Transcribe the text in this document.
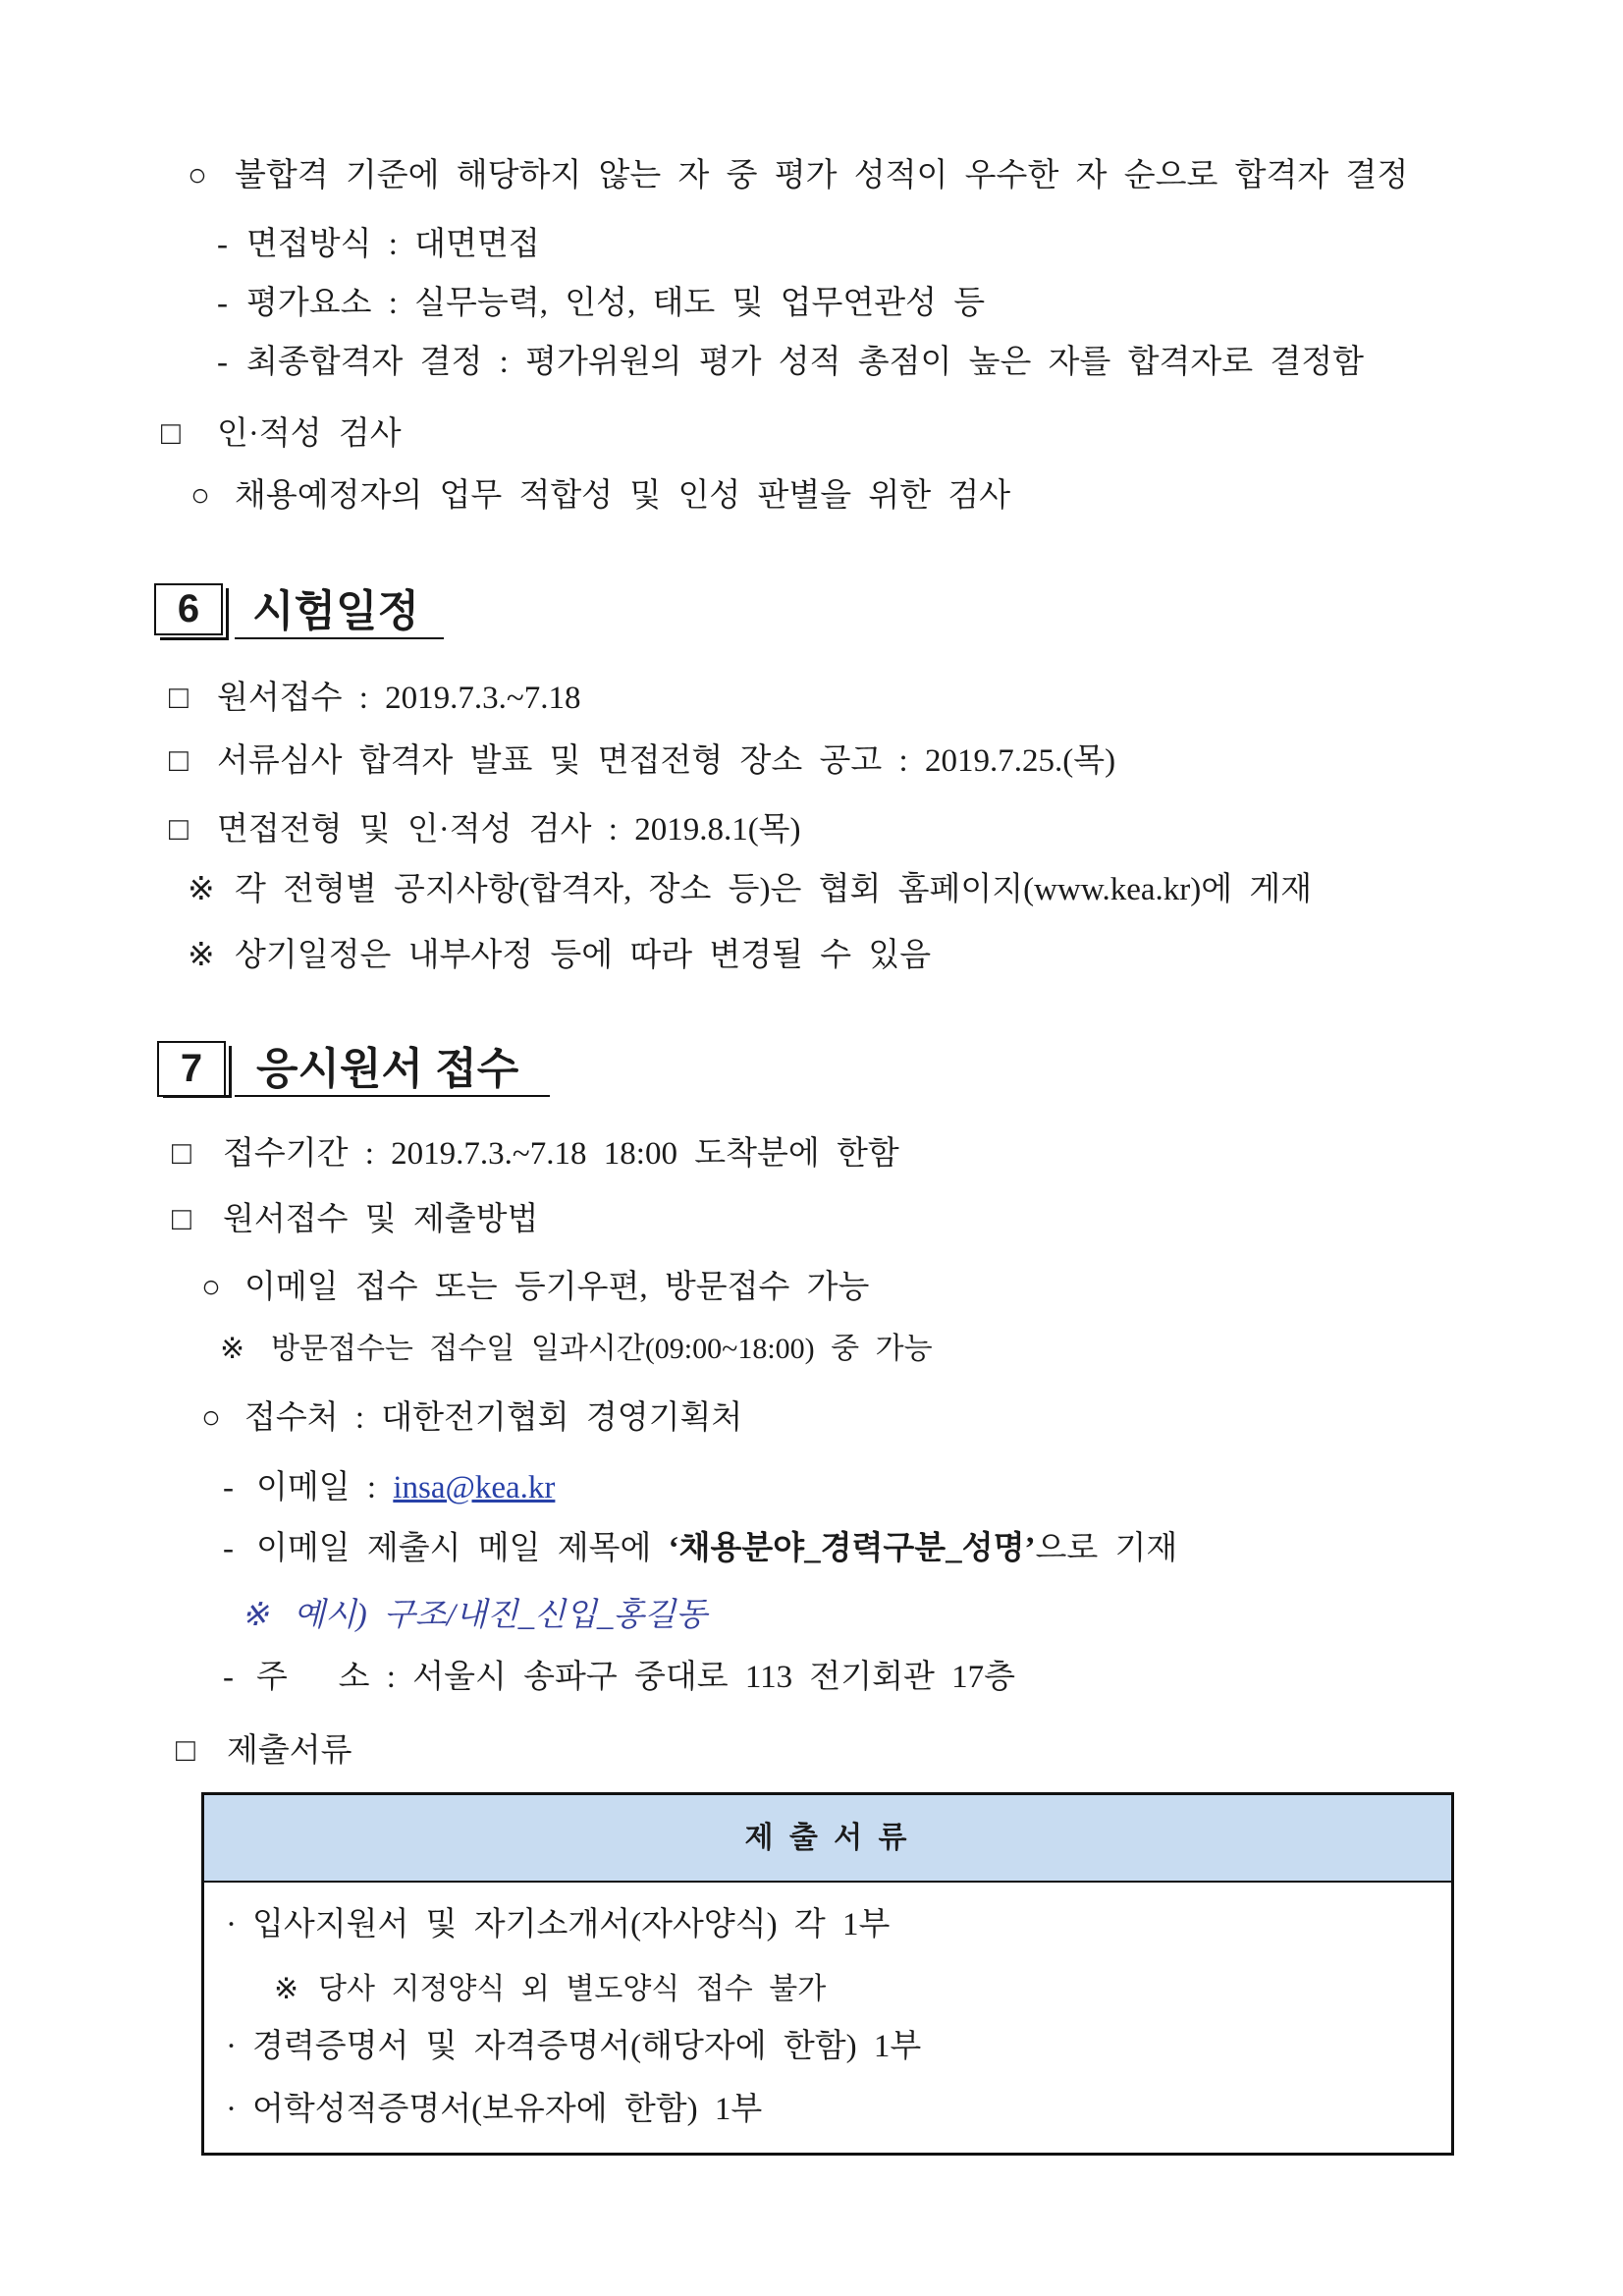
○ 불합격 기준에 해당하지 않는 자 중 평가 성적이 우수한 자 순으로 합격자 결정
- 면접방식 : 대면면접
- 평가요소 : 실무능력, 인성, 태도 및 업무연관성 등
- 최종합격자 결정 : 평가위원의 평가 성적 총점이 높은 자를 합격자로 결정함
□ 인·적성 검사
○ 채용예정자의 업무 적합성 및 인성 판별을 위한 검사
6	시험일정
□ 원서접수 : 2019.7.3.~7.18
□ 서류심사 합격자 발표 및 면접전형 장소 공고 : 2019.7.25.(목)
□ 면접전형 및 인·적성 검사 : 2019.8.1(목)
※ 각 전형별 공지사항(합격자, 장소 등)은 협회 홈페이지(www.kea.kr)에 게재
※ 상기일정은 내부사정 등에 따라 변경될 수 있음
7	응시원서 접수
□ 접수기간 : 2019.7.3.~7.18 18:00 도착분에 한함
□ 원서접수 및 제출방법
○ 이메일 접수 또는 등기우편, 방문접수 가능
※ 방문접수는 접수일 일과시간(09:00~18:00) 중 가능
○ 접수처 : 대한전기협회 경영기획처
- 이메일 : insa@kea.kr
- 이메일 제출시 메일 제목에 ‘채용분야_경력구분_성명’으로 기재
※ 예시) 구조/내진_신입_홍길동
- 주   소 : 서울시 송파구 중대로 113 전기회관 17층
□ 제출서류
제 출 서 류
· 입사지원서 및 자기소개서(자사양식) 각 1부
※ 당사 지정양식 외 별도양식 접수 불가
· 경력증명서 및 자격증명서(해당자에 한함) 1부
· 어학성적증명서(보유자에 한함) 1부
